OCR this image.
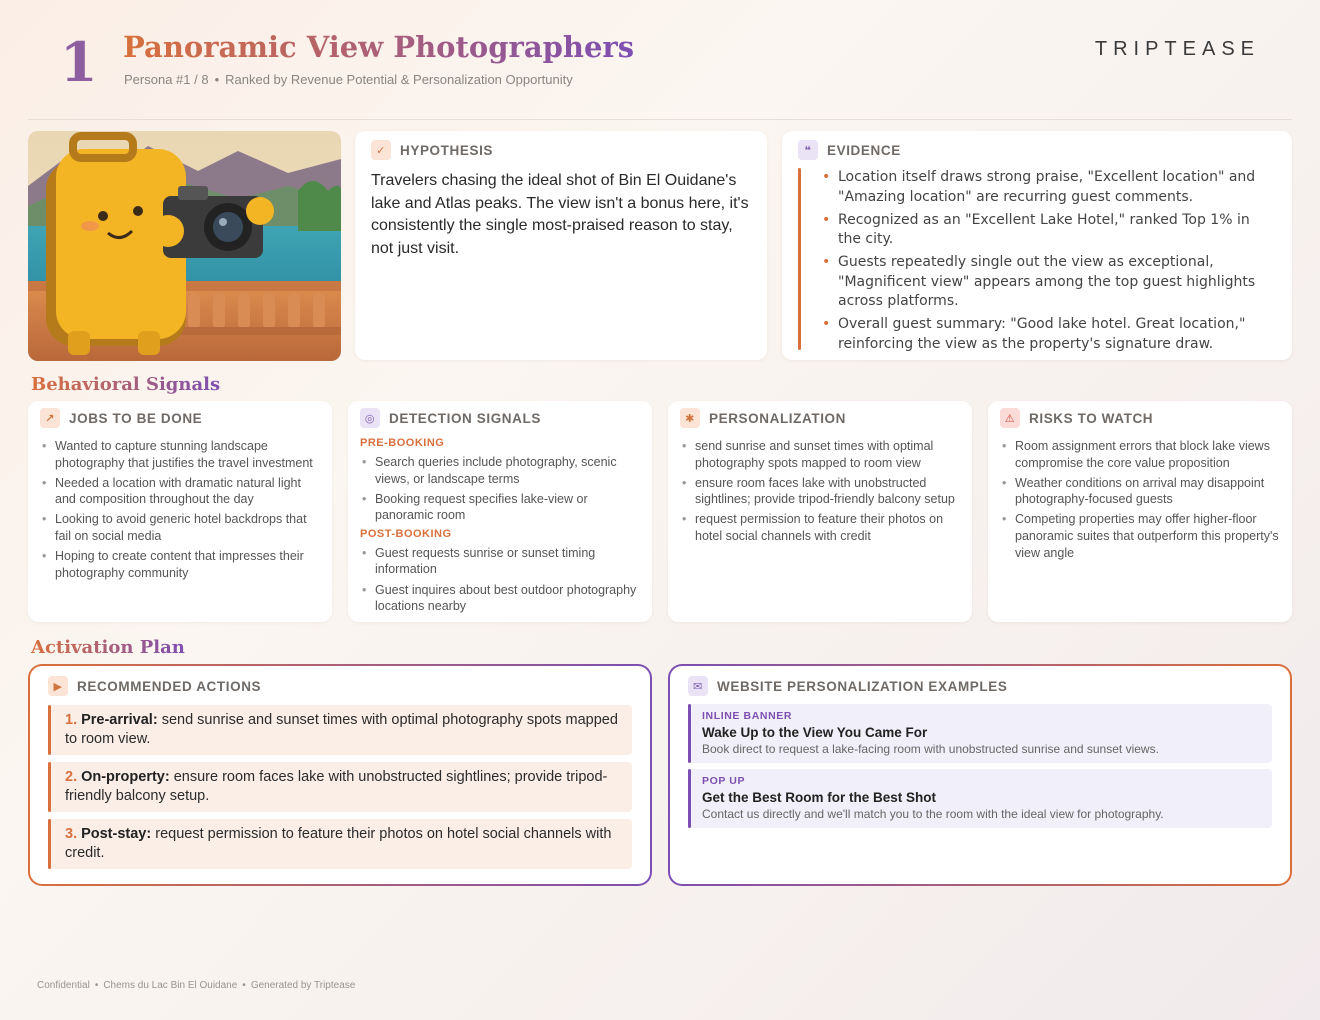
1 Panoramic View Photographers
Persona #1 / 8 • Ranked by Revenue Potential & Personalization Opportunity
TRIPTEASE
✓	HYPOTHESIS
Travelers chasing the ideal shot of Bin El Ouidane's lake and Atlas peaks. The view isn't a bonus here, it's consistently the single most-praised reason to stay, not just visit.
❝	EVIDENCE
• Location itself draws strong praise, "Excellent location" and "Amazing location" are recurring guest comments.
• Recognized as an "Excellent Lake Hotel," ranked Top 1% in the city.
• Guests repeatedly single out the view as exceptional, "Magnificent view" appears among the top guest highlights across platforms.
• Overall guest summary: "Good lake hotel. Great location," reinforcing the view as the property's signature draw.
Behavioral Signals
↗	JOBS TO BE DONE
• Wanted to capture stunning landscape photography that justifies the travel investment
• Needed a location with dramatic natural light and composition throughout the day
• Looking to avoid generic hotel backdrops that fail on social media
• Hoping to create content that impresses their photography community
◎	DETECTION SIGNALS
PRE-BOOKING
• Search queries include photography, scenic views, or landscape terms
• Booking request specifies lake-view or panoramic room
POST-BOOKING
• Guest requests sunrise or sunset timing information
• Guest inquires about best outdoor photography locations nearby
✱	PERSONALIZATION
• send sunrise and sunset times with optimal photography spots mapped to room view
• ensure room faces lake with unobstructed sightlines; provide tripod-friendly balcony setup
• request permission to feature their photos on hotel social channels with credit
⚠	RISKS TO WATCH
• Room assignment errors that block lake views compromise the core value proposition
• Weather conditions on arrival may disappoint photography-focused guests
• Competing properties may offer higher-floor panoramic suites that outperform this property's view angle
Activation Plan
▶	RECOMMENDED ACTIONS
1. Pre-arrival: send sunrise and sunset times with optimal photography spots mapped to room view.
2. On-property: ensure room faces lake with unobstructed sightlines; provide tripod-friendly balcony setup.
3. Post-stay: request permission to feature their photos on hotel social channels with credit.
✉	WEBSITE PERSONALIZATION EXAMPLES
INLINE BANNER
Wake Up to the View You Came For
Book direct to request a lake-facing room with unobstructed sunrise and sunset views.
POP UP
Get the Best Room for the Best Shot
Contact us directly and we'll match you to the room with the ideal view for photography.
Confidential • Chems du Lac Bin El Ouidane • Generated by Triptease
